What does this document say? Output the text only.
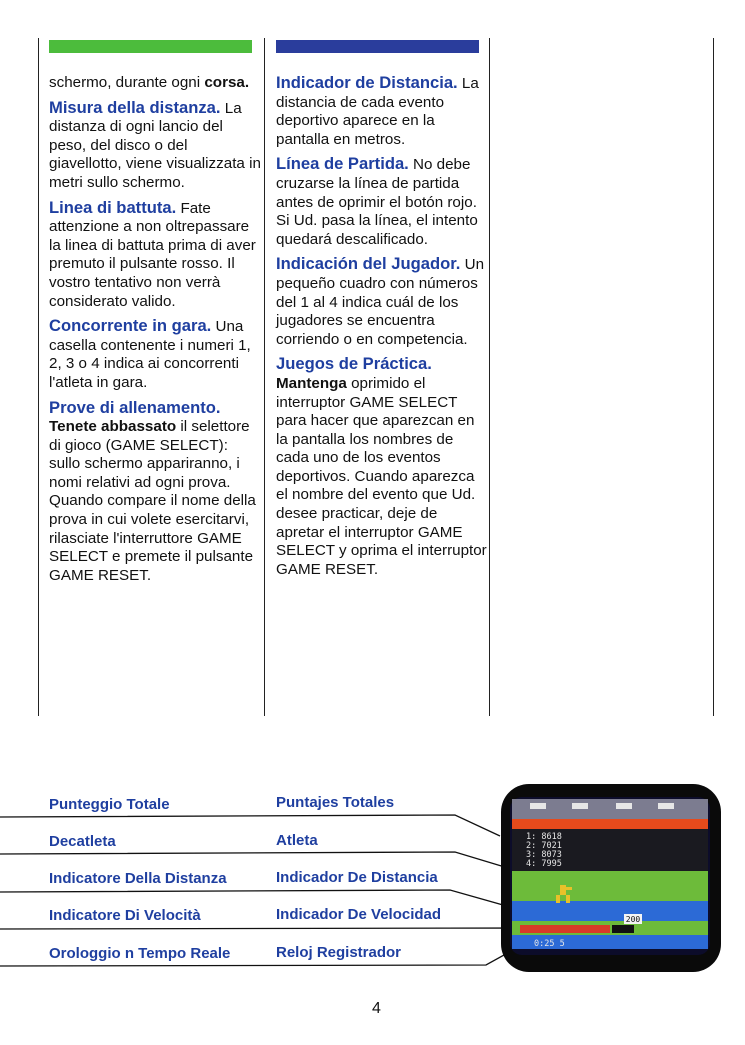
schermo, durante ogni corsa.

Misura della distanza. La distanza di ogni lancio del peso, del disco o del giavellotto, viene visualizzata in metri sullo schermo.

Linea di battuta. Fate attenzione a non oltrepassare la linea di battuta prima di aver premuto il pulsante rosso. Il vostro tentativo non verrà considerato valido.

Concorrente in gara. Una casella contenente i numeri 1, 2, 3 o 4 indica ai concorrenti l'atleta in gara.

Prove di allenamento. Tenete abbassato il selettore di gioco (GAME SELECT): sullo schermo appariranno, i nomi relativi ad ogni prova. Quando compare il nome della prova in cui volete esercitarvi, rilasciate l'interruttore GAME SELECT e premete il pulsante GAME RESET.

Indicador de Distancia. La distancia de cada evento deportivo aparece en la pantalla en metros.

Línea de Partida. No debe cruzarse la línea de partida antes de oprimir el botón rojo. Si Ud. pasa la línea, el intento quedará descalificado.

Indicación del Jugador. Un pequeño cuadro con números del 1 al 4 indica cuál de los jugadores se encuentra corriendo o en competencia.

Juegos de Práctica. Mantenga oprimido el interruptor GAME SELECT para hacer que aparezcan en la pantalla los nombres de cada uno de los eventos deportivos. Cuando aparezca el nombre del evento que Ud. desee practicar, deje de apretar el interruptor GAME SELECT y oprima el interruptor GAME RESET.

200
1: 8618
2: 7021
3: 8073
4: 7995
0:25 5
Punteggio Totale
Decatleta
Indicatore Della Distanza
Indicatore Di Velocità
Orologgio n Tempo Reale
Puntajes Totales
Atleta
Indicador De Distancia
Indicador De Velocidad
Reloj Registrador
4
